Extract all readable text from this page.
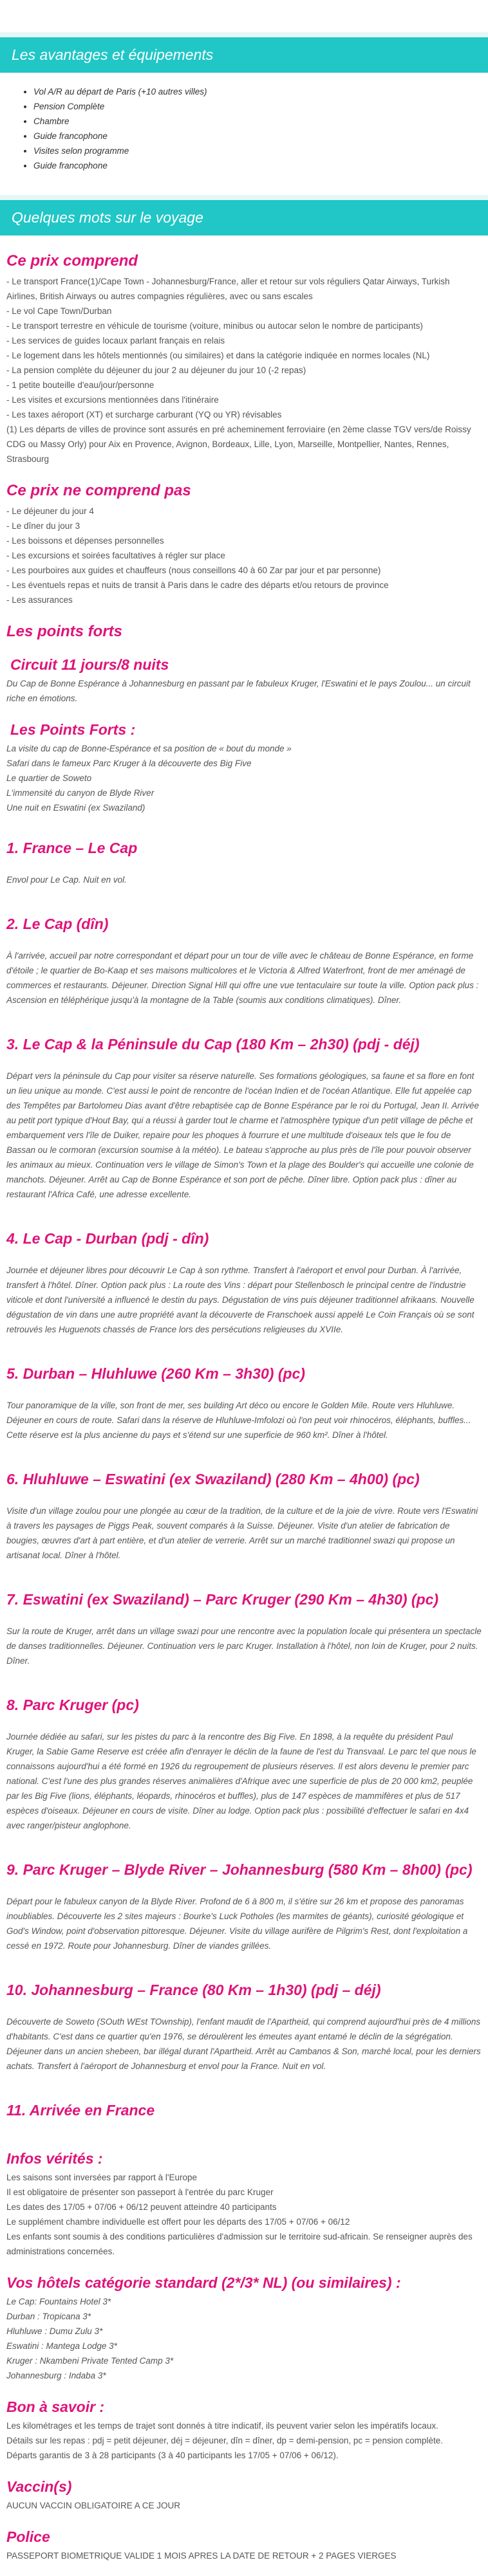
Les avantages et équipements
• Vol A/R au départ de Paris (+10 autres villes)
• Pension Complète
• Chambre
• Guide francophone
• Visites selon programme
• Guide francophone
Quelques mots sur le voyage
Ce prix comprend
- Le transport France(1)/Cape Town - Johannesburg/France, aller et retour sur vols réguliers Qatar Airways, Turkish Airlines, British Airways ou autres compagnies régulières, avec ou sans escales
- Le vol Cape Town/Durban
- Le transport terrestre en véhicule de tourisme (voiture, minibus ou autocar selon le nombre de participants)
- Les services de guides locaux parlant français en relais
- Le logement dans les hôtels mentionnés (ou similaires) et dans la catégorie indiquée en normes locales (NL)
- La pension complète du déjeuner du jour 2 au déjeuner du jour 10 (-2 repas)
- 1 petite bouteille d'eau/jour/personne
- Les visites et excursions mentionnées dans l'itinéraire
- Les taxes aéroport (XT) et surcharge carburant (YQ ou YR) révisables
(1) Les départs de villes de province sont assurés en pré acheminement ferroviaire (en 2ème classe TGV vers/de Roissy CDG ou Massy Orly) pour Aix en Provence, Avignon, Bordeaux, Lille, Lyon, Marseille, Montpellier, Nantes, Rennes, Strasbourg
Ce prix ne comprend pas
- Le déjeuner du jour 4
- Le dîner du jour 3
- Les boissons et dépenses personnelles
- Les excursions et soirées facultatives à régler sur place
- Les pourboires aux guides et chauffeurs (nous conseillons 40 à 60 Zar par jour et par personne)
- Les éventuels repas et nuits de transit à Paris dans le cadre des départs et/ou retours de province
- Les assurances
Les points forts
Circuit 11 jours/8 nuits

Du Cap de Bonne Espérance à Johannesburg en passant par le fabuleux Kruger, l'Eswatini et le pays Zoulou... un circuit riche en émotions.

Les Points Forts :
La visite du cap de Bonne-Espérance et sa position de « bout du monde »
Safari dans le fameux Parc Kruger à la découverte des Big Five
Le quartier de Soweto
L'immensité du canyon de Blyde River
Une nuit en Eswatini (ex Swaziland)
1. France – Le Cap

Envol pour Le Cap. Nuit en vol.

2. Le Cap (dîn)

À l'arrivée, accueil par notre correspondant et départ pour un tour de ville avec le château de Bonne Espérance, en forme d'étoile ; le quartier de Bo-Kaap et ses maisons multicolores et le Victoria & Alfred Waterfront, front de mer aménagé de commerces et restaurants. Déjeuner. Direction Signal Hill qui offre une vue tentaculaire sur toute la ville. Option pack plus : Ascension en téléphérique jusqu'à la montagne de la Table (soumis aux conditions climatiques). Dîner.

3. Le Cap & la Péninsule du Cap (180 Km – 2h30) (pdj - déj)

Départ vers la péninsule du Cap pour visiter sa réserve naturelle. Ses formations géologiques, sa faune et sa flore en font un lieu unique au monde. C'est aussi le point de rencontre de l'océan Indien et de l'océan Atlantique. Elle fut appelée cap des Tempêtes par Bartolomeu Dias avant d'être rebaptisée cap de Bonne Espérance par le roi du Portugal, Jean II. Arrivée au petit port typique d'Hout Bay, qui a réussi à garder tout le charme et l'atmosphère typique d'un petit village de pêche et embarquement vers l'île de Duiker, repaire pour les phoques à fourrure et une multitude d'oiseaux tels que le fou de Bassan ou le cormoran (excursion soumise à la météo). Le bateau s'approche au plus près de l'île pour pouvoir observer les animaux au mieux. Continuation vers le village de Simon's Town et la plage des Boulder's qui accueille une colonie de manchots. Déjeuner. Arrêt au Cap de Bonne Espérance et son port de pêche. Dîner libre. Option pack plus : dîner au restaurant l'Africa Café, une adresse excellente.

4. Le Cap - Durban (pdj - dîn)

Journée et déjeuner libres pour découvrir Le Cap à son rythme. Transfert à l'aéroport et envol pour Durban. À l'arrivée, transfert à l'hôtel. Dîner. Option pack plus : La route des Vins : départ pour Stellenbosch le principal centre de l'industrie viticole et dont l'université a influencé le destin du pays. Dégustation de vins puis déjeuner traditionnel afrikaans. Nouvelle dégustation de vin dans une autre propriété avant la découverte de Franschoek aussi appelé Le Coin Français où se sont retrouvés les Huguenots chassés de France lors des persécutions religieuses du XVIIe.

5. Durban – Hluhluwe (260 Km – 3h30) (pc)

Tour panoramique de la ville, son front de mer, ses building Art déco ou encore le Golden Mile. Route vers Hluhluwe. Déjeuner en cours de route. Safari dans la réserve de Hluhluwe-Imfolozi où l'on peut voir rhinocéros, éléphants, buffles... Cette réserve est la plus ancienne du pays et s'étend sur une superficie de 960 km². Dîner à l'hôtel.

6. Hluhluwe – Eswatini (ex Swaziland) (280 Km – 4h00) (pc)

Visite d'un village zoulou pour une plongée au cœur de la tradition, de la culture et de la joie de vivre. Route vers l'Eswatini à travers les paysages de Piggs Peak, souvent comparés à la Suisse. Déjeuner. Visite d'un atelier de fabrication de bougies, œuvres d'art à part entière, et d'un atelier de verrerie. Arrêt sur un marché traditionnel swazi qui propose un artisanat local. Dîner à l'hôtel.

7. Eswatini (ex Swaziland) – Parc Kruger (290 Km – 4h30) (pc)

Sur la route de Kruger, arrêt dans un village swazi pour une rencontre avec la population locale qui présentera un spectacle de danses traditionnelles. Déjeuner. Continuation vers le parc Kruger. Installation à l'hôtel, non loin de Kruger, pour 2 nuits. Dîner.

8. Parc Kruger (pc)

Journée dédiée au safari, sur les pistes du parc à la rencontre des Big Five. En 1898, à la requête du président Paul Kruger, la Sabie Game Reserve est créée afin d'enrayer le déclin de la faune de l'est du Transvaal. Le parc tel que nous le connaissons aujourd'hui a été formé en 1926 du regroupement de plusieurs réserves. Il est alors devenu le premier parc national. C'est l'une des plus grandes réserves animalières d'Afrique avec une superficie de plus de 20 000 km2, peuplée par les Big Five (lions, éléphants, léopards, rhinocéros et buffles), plus de 147 espèces de mammifères et plus de 517 espèces d'oiseaux. Déjeuner en cours de visite. Dîner au lodge. Option pack plus : possibilité d'effectuer le safari en 4x4 avec ranger/pisteur anglophone.

9. Parc Kruger – Blyde River – Johannesburg (580 Km – 8h00) (pc)

Départ pour le fabuleux canyon de la Blyde River. Profond de 6 à 800 m, il s'étire sur 26 km et propose des panoramas inoubliables. Découverte les 2 sites majeurs : Bourke's Luck Potholes (les marmites de géants), curiosité géologique et God's Window, point d'observation pittoresque. Déjeuner. Visite du village aurifère de Pilgrim's Rest, dont l'exploitation a cessé en 1972. Route pour Johannesburg. Dîner de viandes grillées.

10. Johannesburg – France (80 Km – 1h30) (pdj – déj)

Découverte de Soweto (SOuth WEst TOwnship), l'enfant maudit de l'Apartheid, qui comprend aujourd'hui près de 4 millions d'habitants. C'est dans ce quartier qu'en 1976, se déroulèrent les émeutes ayant entamé le déclin de la ségrégation. Déjeuner dans un ancien shebeen, bar illégal durant l'Apartheid. Arrêt au Cambanos & Son, marché local, pour les derniers achats. Transfert à l'aéroport de Johannesburg et envol pour la France. Nuit en vol.

11. Arrivée en France
Infos vérités :
Les saisons sont inversées par rapport à l'Europe
Il est obligatoire de présenter son passeport à l'entrée du parc Kruger
Les dates des 17/05 + 07/06 + 06/12 peuvent atteindre 40 participants
Le supplément chambre individuelle est offert pour les départs des 17/05 + 07/06 + 06/12
Les enfants sont soumis à des conditions particulières d'admission sur le territoire sud-africain. Se renseigner auprès des administrations concernées.
Vos hôtels catégorie standard (2*/3* NL) (ou similaires) :
Le Cap: Fountains Hotel 3*
Durban : Tropicana 3*
Hluhluwe : Dumu Zulu 3*
Eswatini : Mantega Lodge 3*
Kruger : Nkambeni Private Tented Camp 3*
Johannesburg : Indaba 3*
Bon à savoir :
Les kilométrages et les temps de trajet sont donnés à titre indicatif, ils peuvent varier selon les impératifs locaux.
Détails sur les repas : pdj = petit déjeuner, déj = déjeuner, dîn = dîner, dp = demi-pension, pc = pension complète.
Départs garantis de 3 à 28 participants (3 à 40 participants les 17/05 + 07/06 + 06/12).
Vaccin(s)

AUCUN VACCIN OBLIGATOIRE A CE JOUR

Police

PASSEPORT BIOMETRIQUE VALIDE 1 MOIS APRES LA DATE DE RETOUR + 2 PAGES VIERGES
